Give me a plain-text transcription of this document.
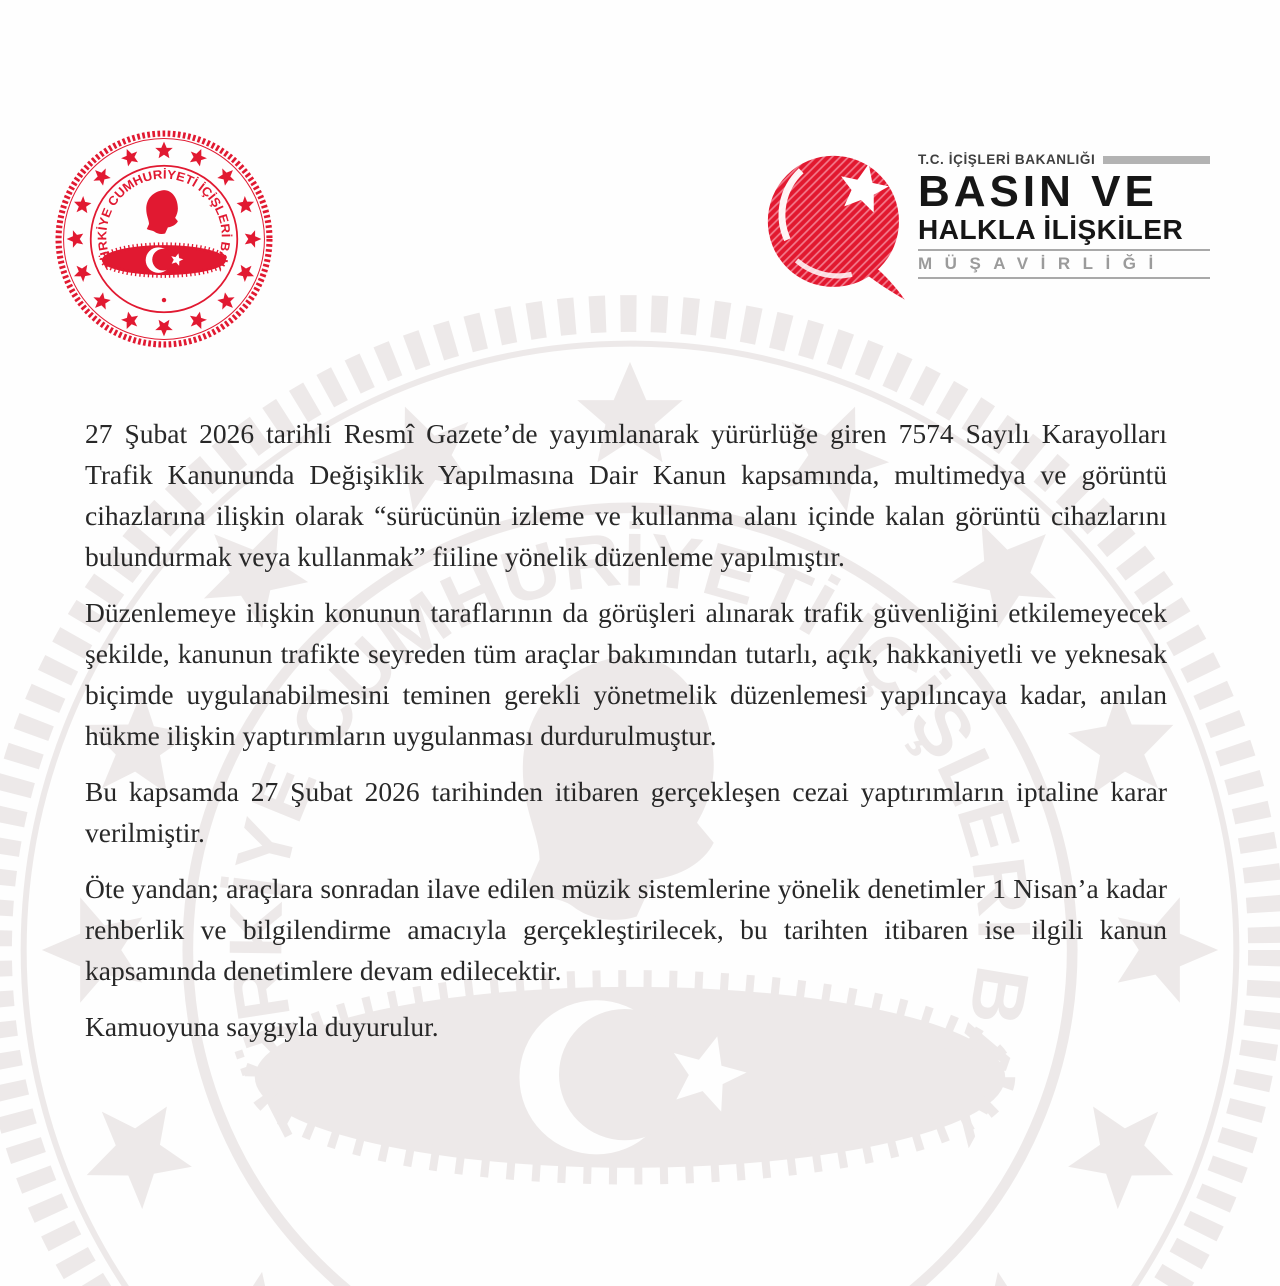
T.C. İÇİŞLERİ BAKANLIĞI
BASIN VE
HALKLA İLİŞKİLER
MÜŞAVİRLİĞİ

27 Şubat 2026 tarihli Resmî Gazete’de yayımlanarak yürürlüğe giren 7574 Sayılı Karayolları Trafik Kanununda Değişiklik Yapılmasına Dair Kanun kapsamında, multimedya ve görüntü cihazlarına ilişkin olarak “sürücünün izleme ve kullanma alanı içinde kalan görüntü cihazlarını bulundurmak veya kullanmak” fiiline yönelik düzenleme yapılmıştır.

Düzenlemeye ilişkin konunun taraflarının da görüşleri alınarak trafik güvenliğini etkilemeyecek şekilde, kanunun trafikte seyreden tüm araçlar bakımından tutarlı, açık, hakkaniyetli ve yeknesak biçimde uygulanabilmesini teminen gerekli yönetmelik düzenlemesi yapılıncaya kadar, anılan hükme ilişkin yaptırımların uygulanması durdurulmuştur.

Bu kapsamda 27 Şubat 2026 tarihinden itibaren gerçekleşen cezai yaptırımların iptaline karar verilmiştir.

Öte yandan; araçlara sonradan ilave edilen müzik sistemlerine yönelik denetimler 1 Nisan’a kadar rehberlik ve bilgilendirme amacıyla gerçekleştirilecek, bu tarihten itibaren ise ilgili kanun kapsamında denetimlere devam edilecektir.

Kamuoyuna saygıyla duyurulur.
